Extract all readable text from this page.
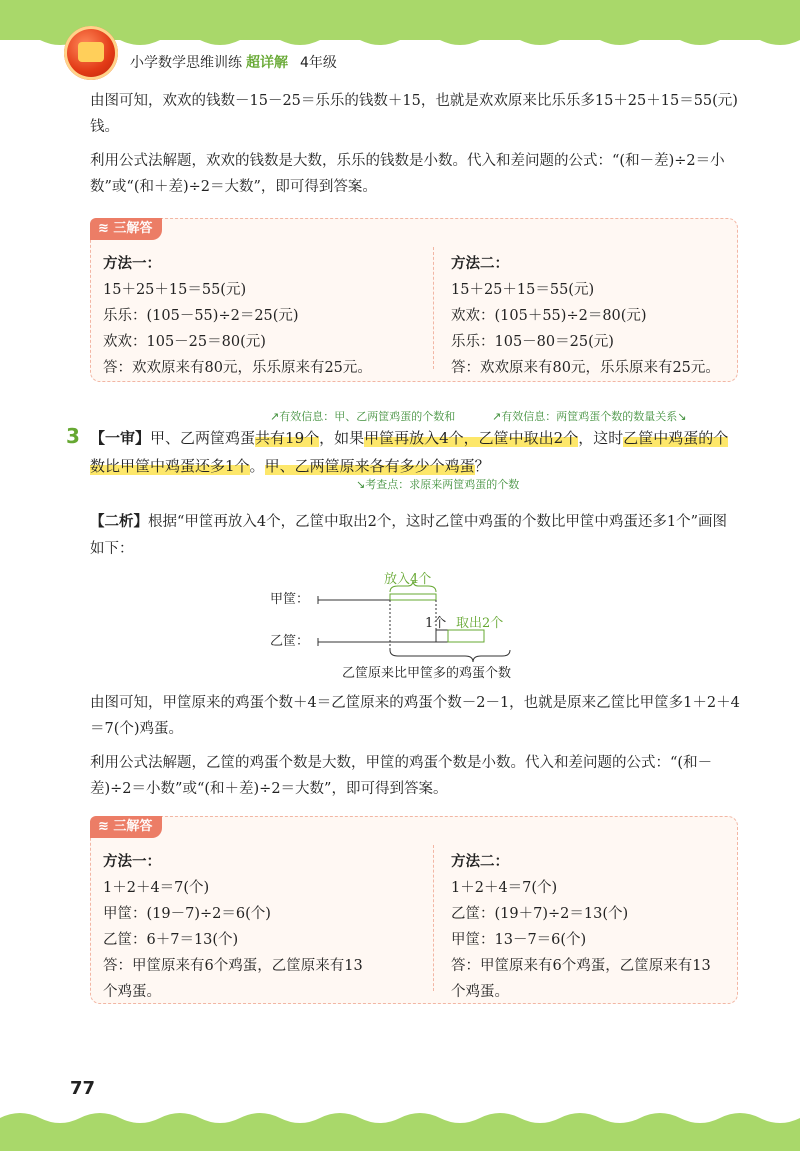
小学数学思维训练 超详解 4年级

由图可知，欢欢的钱数－15－25＝乐乐的钱数＋15，也就是欢欢原来比乐乐多15＋25＋15＝55(元)钱。

利用公式法解题，欢欢的钱数是大数，乐乐的钱数是小数。代入和差问题的公式：“(和－差)÷2＝小数”或“(和＋差)÷2＝大数”，即可得到答案。

≋ 三解答
方法一：
15＋25＋15＝55(元)
乐乐：(105－55)÷2＝25(元)
欢欢：105－25＝80(元)
答：欢欢原来有80元，乐乐原来有25元。
方法二：
15＋25＋15＝55(元)
欢欢：(105＋55)÷2＝80(元)
乐乐：105－80＝25(元)
答：欢欢原来有80元，乐乐原来有25元。
↗有效信息：甲、乙两筐鸡蛋的个数和	↗有效信息：两筐鸡蛋个数的数量关系↘
3 【一审】甲、乙两筐鸡蛋共有19个，如果甲筐再放入4个，乙筐中取出2个，这时乙筐中鸡蛋的个数比甲筐中鸡蛋还多1个。甲、乙两筐原来各有多少个鸡蛋？

↘考查点：求原来两筐鸡蛋的个数

【二析】根据“甲筐再放入4个，乙筐中取出2个，这时乙筐中鸡蛋的个数比甲筐中鸡蛋还多1个”画图如下：

甲筐：
乙筐：
放入4个
1个 取出2个
乙筐原来比甲筐多的鸡蛋个数

由图可知，甲筐原来的鸡蛋个数＋4＝乙筐原来的鸡蛋个数－2－1，也就是原来乙筐比甲筐多1＋2＋4＝7(个)鸡蛋。

利用公式法解题，乙筐的鸡蛋个数是大数，甲筐的鸡蛋个数是小数。代入和差问题的公式：“(和－差)÷2＝小数”或“(和＋差)÷2＝大数”，即可得到答案。

≋ 三解答
方法一：
1＋2＋4＝7(个)
甲筐：(19－7)÷2＝6(个)
乙筐：6＋7＝13(个)
答：甲筐原来有6个鸡蛋，乙筐原来有13
个鸡蛋。
方法二：
1＋2＋4＝7(个)
乙筐：(19＋7)÷2＝13(个)
甲筐：13－7＝6(个)
答：甲筐原来有6个鸡蛋，乙筐原来有13
个鸡蛋。
77
